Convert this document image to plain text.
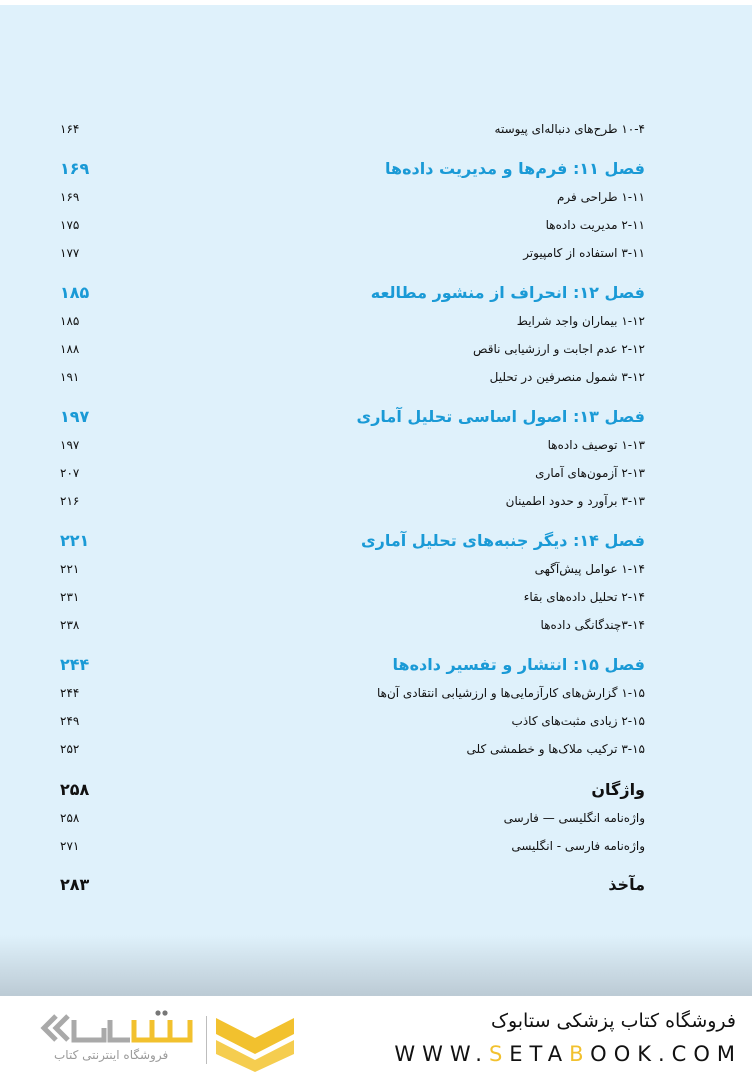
۱۶۴	۱۰-۴ طرح‌های دنباله‌ای پیوسته
۱۶۹	فصل ۱۱: فرم‌ها و مدیریت داده‌ها
۱۶۹	۱-۱۱ طراحی فرم
۱۷۵	۲-۱۱ مدیریت داده‌ها
۱۷۷	۳-۱۱ استفاده از کامپیوتر
۱۸۵	فصل ۱۲: انحراف از منشور مطالعه
۱۸۵	۱-۱۲ بیماران واجد شرایط
۱۸۸	۲-۱۲ عدم اجابت و ارزشیابی ناقص
۱۹۱	۳-۱۲ شمول منصرفین در تحلیل
۱۹۷	فصل ۱۳: اصول اساسی تحلیل آماری
۱۹۷	۱-۱۳ توصیف داده‌ها
۲۰۷	۲-۱۳ آزمون‌های آماری
۲۱۶	۳-۱۳ برآورد و حدود اطمینان
۲۲۱	فصل ۱۴: دیگر جنبه‌های تحلیل آماری
۲۲۱	۱-۱۴ عوامل پیش‌آگهی
۲۳۱	۲-۱۴ تحلیل داده‌های بقاء
۲۳۸	۳-۱۴چندگانگی داده‌ها
۲۴۴	فصل ۱۵: انتشار و تفسیر داده‌ها
۲۴۴	۱-۱۵ گزارش‌های کارآزمایی‌ها و ارزشیابی انتقادی آن‌ها
۲۴۹	۲-۱۵ زیادی مثبت‌های کاذب
۲۵۲	۳-۱۵ ترکیب ملاک‌ها و خطمشی کلی
۲۵۸	واژگان
۲۵۸	واژه‌نامه انگلیسی — فارسی
۲۷۱	واژه‌نامه فارسی - انگلیسی
۲۸۳	مآخذ
فروشگاه اینترنتی کتاب
فروشگاه کتاب پزشکی ستابوک
WWW.SETABOOK.COM
